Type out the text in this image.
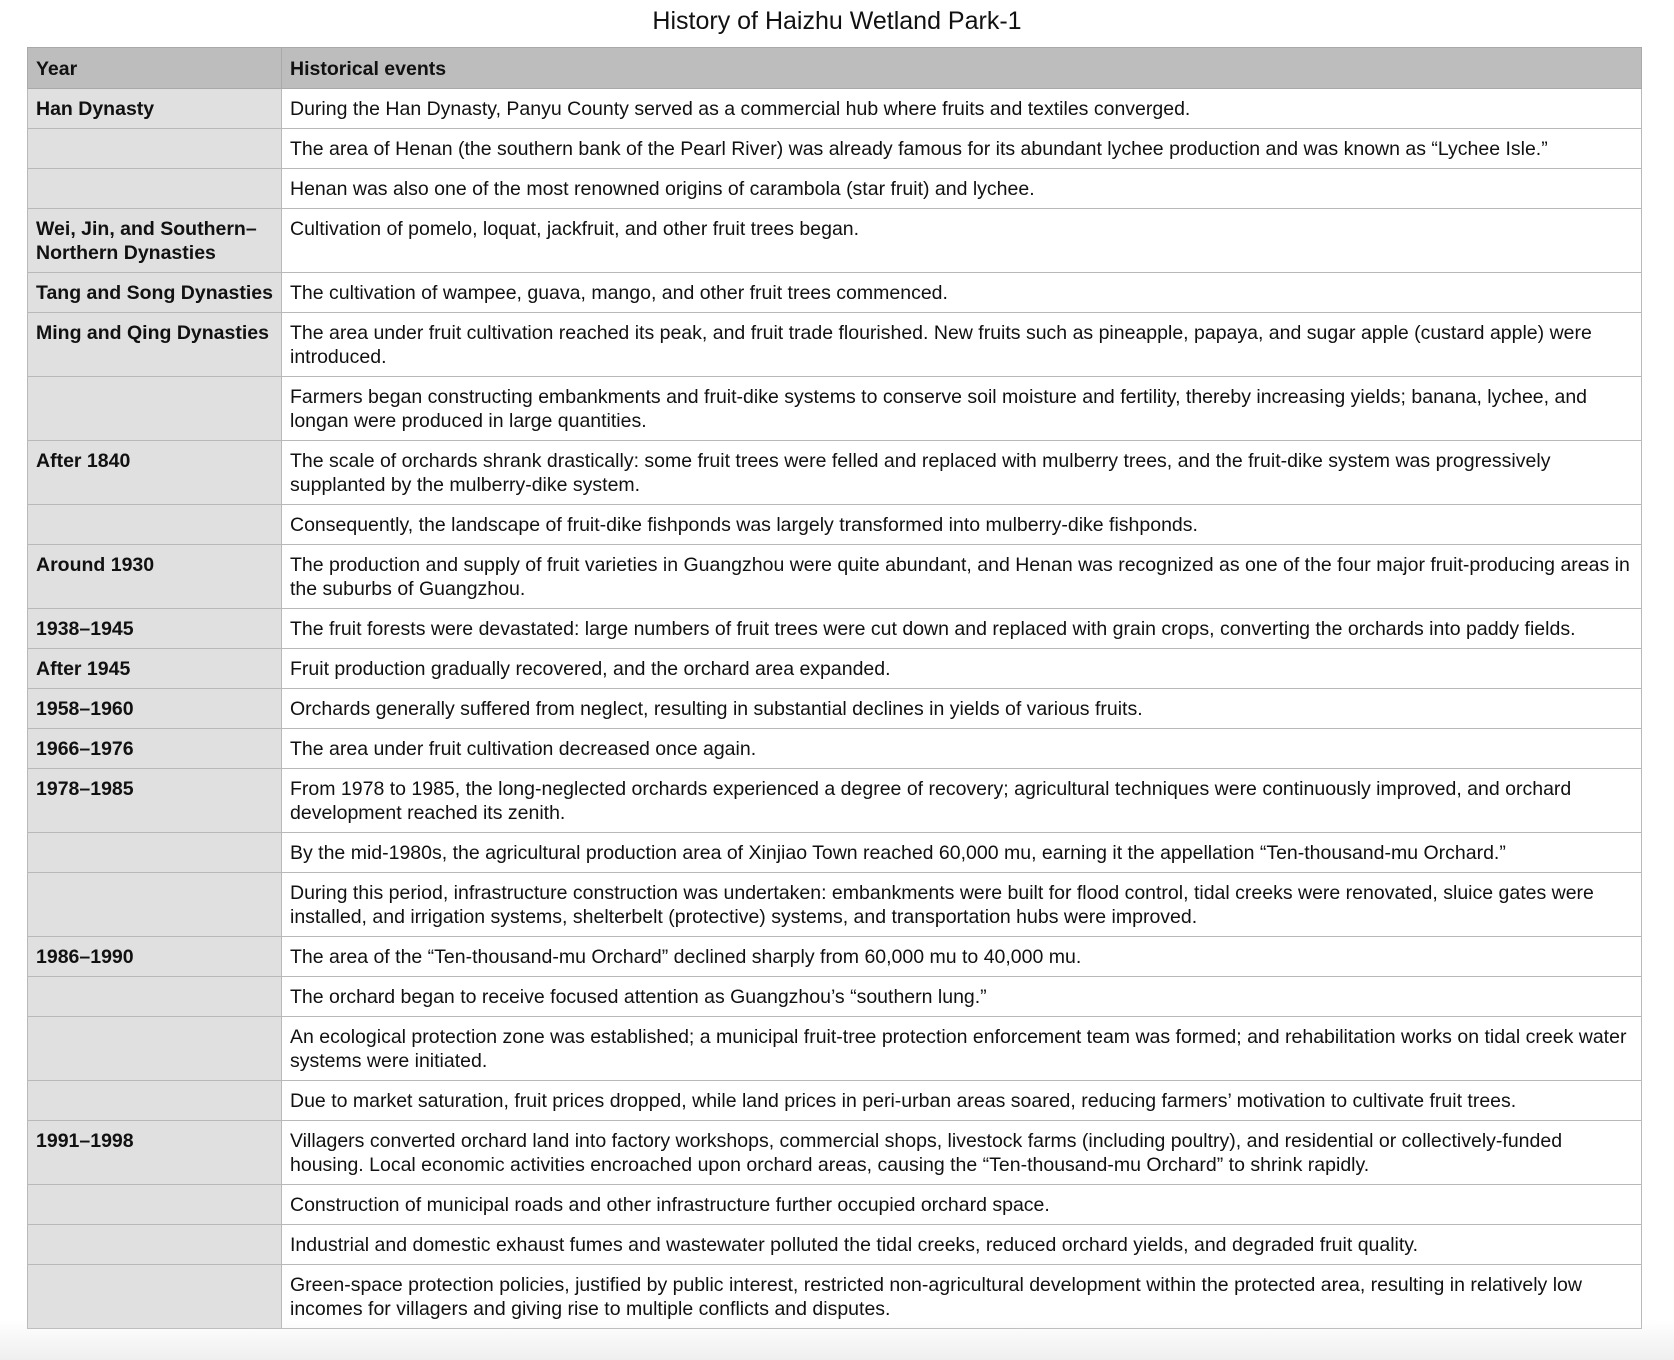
History of Haizhu Wetland Park-1
Year	Historical events
Han Dynasty	During the Han Dynasty, Panyu County served as a commercial hub where fruits and textiles converged.
	The area of Henan (the southern bank of the Pearl River) was already famous for its abundant lychee production and was known as “Lychee Isle.”
	Henan was also one of the most renowned origins of carambola (star fruit) and lychee.
Wei, Jin, and Southern–Northern Dynasties	Cultivation of pomelo, loquat, jackfruit, and other fruit trees began.
Tang and Song Dynasties	The cultivation of wampee, guava, mango, and other fruit trees commenced.
Ming and Qing Dynasties	The area under fruit cultivation reached its peak, and fruit trade flourished. New fruits such as pineapple, papaya, and sugar apple (custard apple) were introduced.
	Farmers began constructing embankments and fruit-dike systems to conserve soil moisture and fertility, thereby increasing yields; banana, lychee, and longan were produced in large quantities.
After 1840	The scale of orchards shrank drastically: some fruit trees were felled and replaced with mulberry trees, and the fruit-dike system was progressively supplanted by the mulberry-dike system.
	Consequently, the landscape of fruit-dike fishponds was largely transformed into mulberry-dike fishponds.
Around 1930	The production and supply of fruit varieties in Guangzhou were quite abundant, and Henan was recognized as one of the four major fruit-producing areas in the suburbs of Guangzhou.
1938–1945	The fruit forests were devastated: large numbers of fruit trees were cut down and replaced with grain crops, converting the orchards into paddy fields.
After 1945	Fruit production gradually recovered, and the orchard area expanded.
1958–1960	Orchards generally suffered from neglect, resulting in substantial declines in yields of various fruits.
1966–1976	The area under fruit cultivation decreased once again.
1978–1985	From 1978 to 1985, the long-neglected orchards experienced a degree of recovery; agricultural techniques were continuously improved, and orchard development reached its zenith.
	By the mid-1980s, the agricultural production area of Xinjiao Town reached 60,000 mu, earning it the appellation “Ten-thousand-mu Orchard.”
	During this period, infrastructure construction was undertaken: embankments were built for flood control, tidal creeks were renovated, sluice gates were installed, and irrigation systems, shelterbelt (protective) systems, and transportation hubs were improved.
1986–1990	The area of the “Ten-thousand-mu Orchard” declined sharply from 60,000 mu to 40,000 mu.
	The orchard began to receive focused attention as Guangzhou’s “southern lung.”
	An ecological protection zone was established; a municipal fruit-tree protection enforcement team was formed; and rehabilitation works on tidal creek water systems were initiated.
	Due to market saturation, fruit prices dropped, while land prices in peri-urban areas soared, reducing farmers’ motivation to cultivate fruit trees.
1991–1998	Villagers converted orchard land into factory workshops, commercial shops, livestock farms (including poultry), and residential or collectively-funded housing. Local economic activities encroached upon orchard areas, causing the “Ten-thousand-mu Orchard” to shrink rapidly.
	Construction of municipal roads and other infrastructure further occupied orchard space.
	Industrial and domestic exhaust fumes and wastewater polluted the tidal creeks, reduced orchard yields, and degraded fruit quality.
	Green-space protection policies, justified by public interest, restricted non-agricultural development within the protected area, resulting in relatively low incomes for villagers and giving rise to multiple conflicts and disputes.
